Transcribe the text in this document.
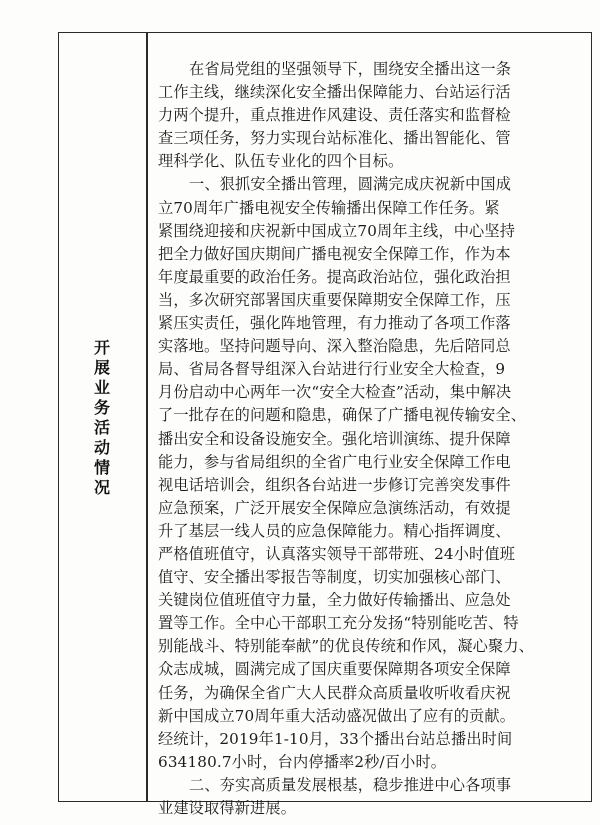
开展业务活动情况
在省局党组的坚强领导下，围绕安全播出这一条
工作主线，继续深化安全播出保障能力、台站运行活
力两个提升，重点推进作风建设、责任落实和监督检
查三项任务，努力实现台站标准化、播出智能化、管
理科学化、队伍专业化的四个目标。
一、狠抓安全播出管理，圆满完成庆祝新中国成
立70周年广播电视安全传输播出保障工作任务。紧
紧围绕迎接和庆祝新中国成立70周年主线，中心坚持
把全力做好国庆期间广播电视安全保障工作，作为本
年度最重要的政治任务。提高政治站位，强化政治担
当，多次研究部署国庆重要保障期安全保障工作，压
紧压实责任，强化阵地管理，有力推动了各项工作落
实落地。坚持问题导向、深入整治隐患，先后陪同总
局、省局各督导组深入台站进行行业安全大检查，9
月份启动中心两年一次“安全大检查”活动，集中解决
了一批存在的问题和隐患，确保了广播电视传输安全、
播出安全和设备设施安全。强化培训演练、提升保障
能力，参与省局组织的全省广电行业安全保障工作电
视电话培训会，组织各台站进一步修订完善突发事件
应急预案，广泛开展安全保障应急演练活动，有效提
升了基层一线人员的应急保障能力。精心指挥调度、
严格值班值守，认真落实领导干部带班、24小时值班
值守、安全播出零报告等制度，切实加强核心部门、
关键岗位值班值守力量，全力做好传输播出、应急处
置等工作。全中心干部职工充分发扬“特别能吃苦、特
别能战斗、特别能奉献”的优良传统和作风，凝心聚力、
众志成城，圆满完成了国庆重要保障期各项安全保障
任务，为确保全省广大人民群众高质量收听收看庆祝
新中国成立70周年重大活动盛况做出了应有的贡献。
经统计，2019年1-10月，33个播出台站总播出时间
634180.7小时，台内停播率2秒/百小时。
二、夯实高质量发展根基，稳步推进中心各项事
业建设取得新进展。
